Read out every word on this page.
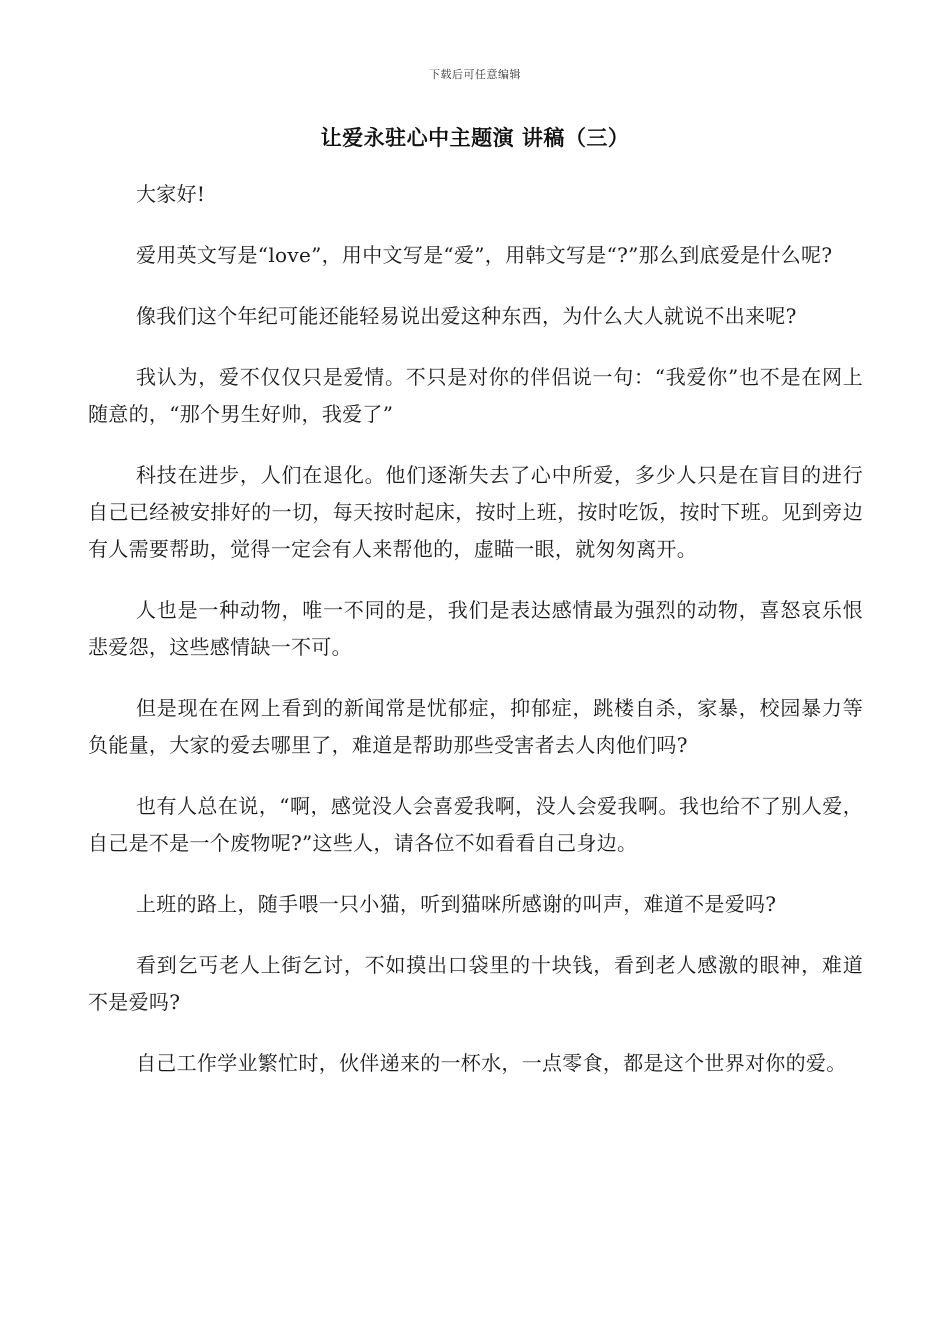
下载后可任意编辑
让爱永驻心中主题演 讲稿（三）

大家好!

爱用英文写是“love”，用中文写是“爱”，用韩文写是“?”那么到底爱是什么呢?

像我们这个年纪可能还能轻易说出爱这种东西，为什么大人就说不出来呢?

我认为，爱不仅仅只是爱情。不只是对你的伴侣说一句：“我爱你”也不是在网上随意的，“那个男生好帅，我爱了”

科技在进步，人们在退化。他们逐渐失去了心中所爱，多少人只是在盲目的进行自己已经被安排好的一切，每天按时起床，按时上班，按时吃饭，按时下班。见到旁边有人需要帮助，觉得一定会有人来帮他的，虚瞄一眼，就匆匆离开。

人也是一种动物，唯一不同的是，我们是表达感情最为强烈的动物，喜怒哀乐恨悲爱怨，这些感情缺一不可。

但是现在在网上看到的新闻常是忧郁症，抑郁症，跳楼自杀，家暴，校园暴力等负能量，大家的爱去哪里了，难道是帮助那些受害者去人肉他们吗?

也有人总在说，“啊，感觉没人会喜爱我啊，没人会爱我啊。我也给不了别人爱，自己是不是一个废物呢?”这些人，请各位不如看看自己身边。

上班的路上，随手喂一只小猫，听到猫咪所感谢的叫声，难道不是爱吗?

看到乞丐老人上街乞讨，不如摸出口袋里的十块钱，看到老人感激的眼神，难道不是爱吗?

自己工作学业繁忙时，伙伴递来的一杯水，一点零食，都是这个世界对你的爱。
